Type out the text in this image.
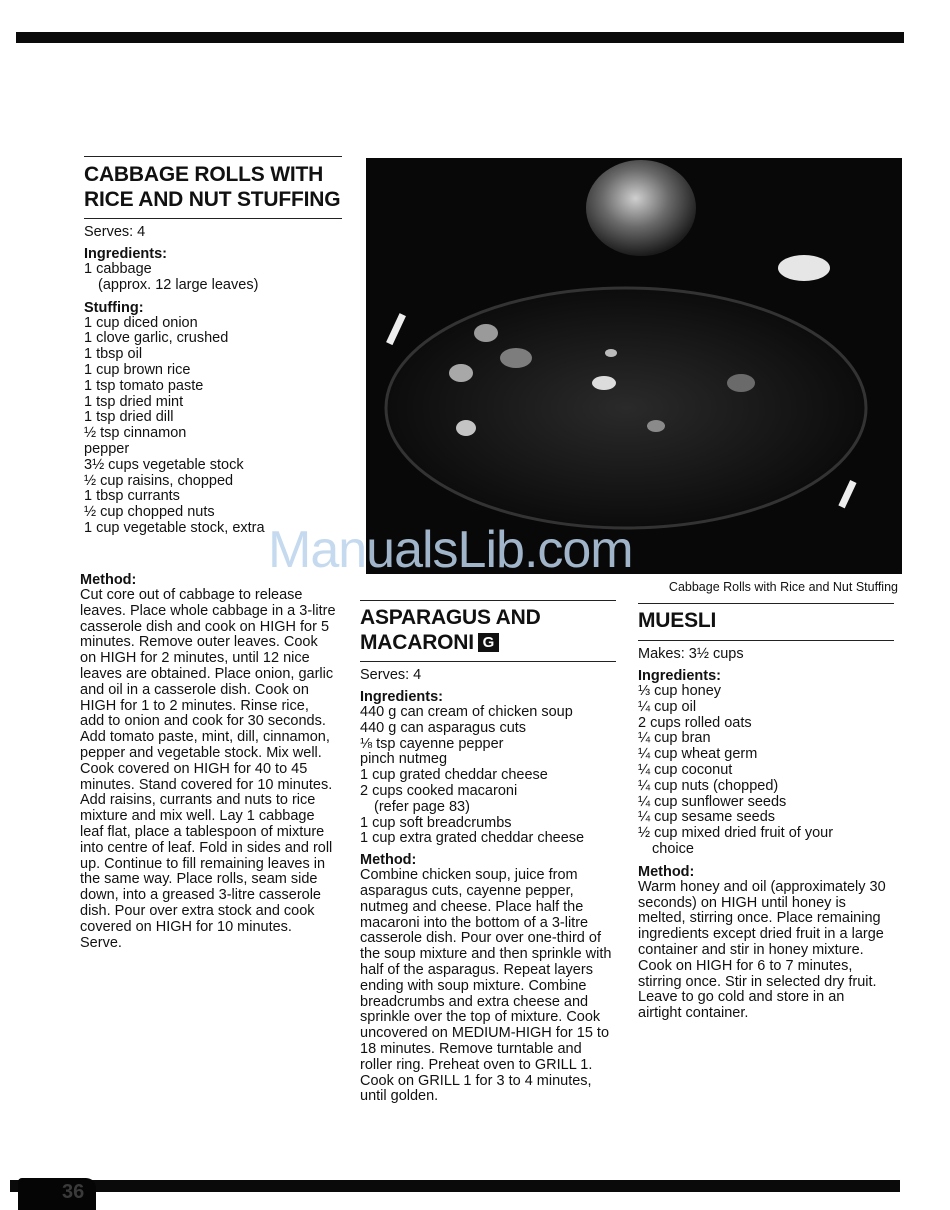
CABBAGE ROLLS WITH RICE AND NUT STUFFING

Serves: 4

Ingredients:
1 cabbage
(approx. 12 large leaves)
Stuffing:
1 cup diced onion
1 clove garlic, crushed
1 tbsp oil
1 cup brown rice
1 tsp tomato paste
1 tsp dried mint
1 tsp dried dill
½ tsp cinnamon
pepper
3½ cups vegetable stock
½ cup raisins, chopped
1 tbsp currants
½ cup chopped nuts
1 cup vegetable stock, extra
Method:

Cut core out of cabbage to release leaves. Place whole cabbage in a 3-litre casserole dish and cook on HIGH for 5 minutes. Remove outer leaves. Cook on HIGH for 2 minutes, until 12 nice leaves are obtained. Place onion, garlic and oil in a casserole dish. Cook on HIGH for 1 to 2 minutes. Rinse rice, add to onion and cook for 30 seconds. Add tomato paste, mint, dill, cinnamon, pepper and vegetable stock. Mix well. Cook covered on HIGH for 40 to 45 minutes. Stand covered for 10 minutes. Add raisins, currants and nuts to rice mixture and mix well. Lay 1 cabbage leaf flat, place a tablespoon of mixture into centre of leaf. Fold in sides and roll up. Continue to fill remaining leaves in the same way. Place rolls, seam side down, into a greased 3-litre casserole dish. Pour over extra stock and cook covered on HIGH for 10 minutes. Serve.

Cabbage Rolls with Rice and Nut Stuffing
ASPARAGUS AND MACARONI G

Serves: 4

Ingredients:
440 g can cream of chicken soup
440 g can asparagus cuts
⅛ tsp cayenne pepper
pinch nutmeg
1 cup grated cheddar cheese
2 cups cooked macaroni
(refer page 83)
1 cup soft breadcrumbs
1 cup extra grated cheddar cheese
Method:

Combine chicken soup, juice from asparagus cuts, cayenne pepper, nutmeg and cheese. Place half the macaroni into the bottom of a 3-litre casserole dish. Pour over one-third of the soup mixture and then sprinkle with half of the asparagus. Repeat layers ending with soup mixture. Combine breadcrumbs and extra cheese and sprinkle over the top of mixture. Cook uncovered on MEDIUM-HIGH for 15 to 18 minutes. Remove turntable and roller ring. Preheat oven to GRILL 1. Cook on GRILL 1 for 3 to 4 minutes, until golden.

MUESLI

Makes: 3½ cups

Ingredients:
⅓ cup honey
¼ cup oil
2 cups rolled oats
¼ cup bran
¼ cup wheat germ
¼ cup coconut
¼ cup nuts (chopped)
¼ cup sunflower seeds
¼ cup sesame seeds
½ cup mixed dried fruit of your
choice
Method:

Warm honey and oil (approximately 30 seconds) on HIGH until honey is melted, stirring once. Place remaining ingredients except dried fruit in a large container and stir in honey mixture. Cook on HIGH for 6 to 7 minutes, stirring once. Stir in selected dry fruit. Leave to go cold and store in an airtight container.

ManualsLib.com
36
